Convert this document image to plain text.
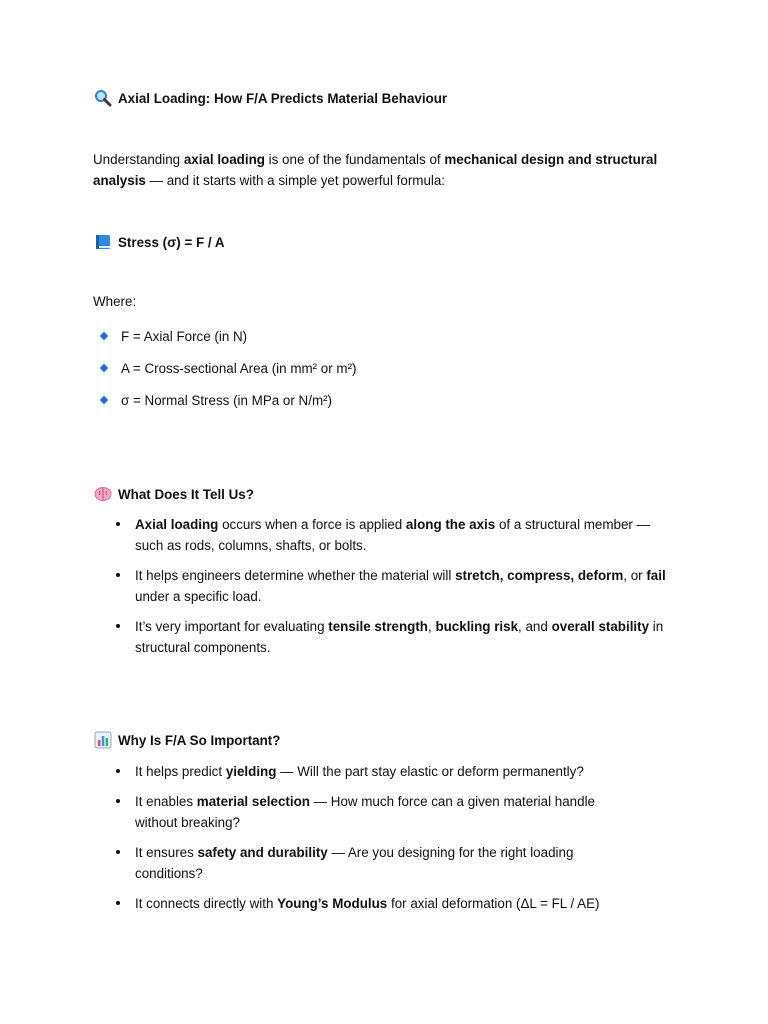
Axial Loading: How F/A Predicts Material Behaviour

Understanding axial loading is one of the fundamentals of mechanical design and structural analysis — and it starts with a simple yet powerful formula:

Stress (σ) = F / A
Where:
F = Axial Force (in N)
A = Cross-sectional Area (in mm² or m²)
σ = Normal Stress (in MPa or N/m²)
What Does It Tell Us?

Axial loading occurs when a force is applied along the axis of a structural member — such as rods, columns, shafts, or bolts.

It helps engineers determine whether the material will stretch, compress, deform, or fail under a specific load.

It’s very important for evaluating tensile strength, buckling risk, and overall stability in structural components.

Why Is F/A So Important?

It helps predict yielding — Will the part stay elastic or deform permanently?

It enables material selection — How much force can a given material handle without breaking?

It ensures safety and durability — Are you designing for the right loading conditions?

It connects directly with Young’s Modulus for axial deformation (ΔL = FL / AE)
